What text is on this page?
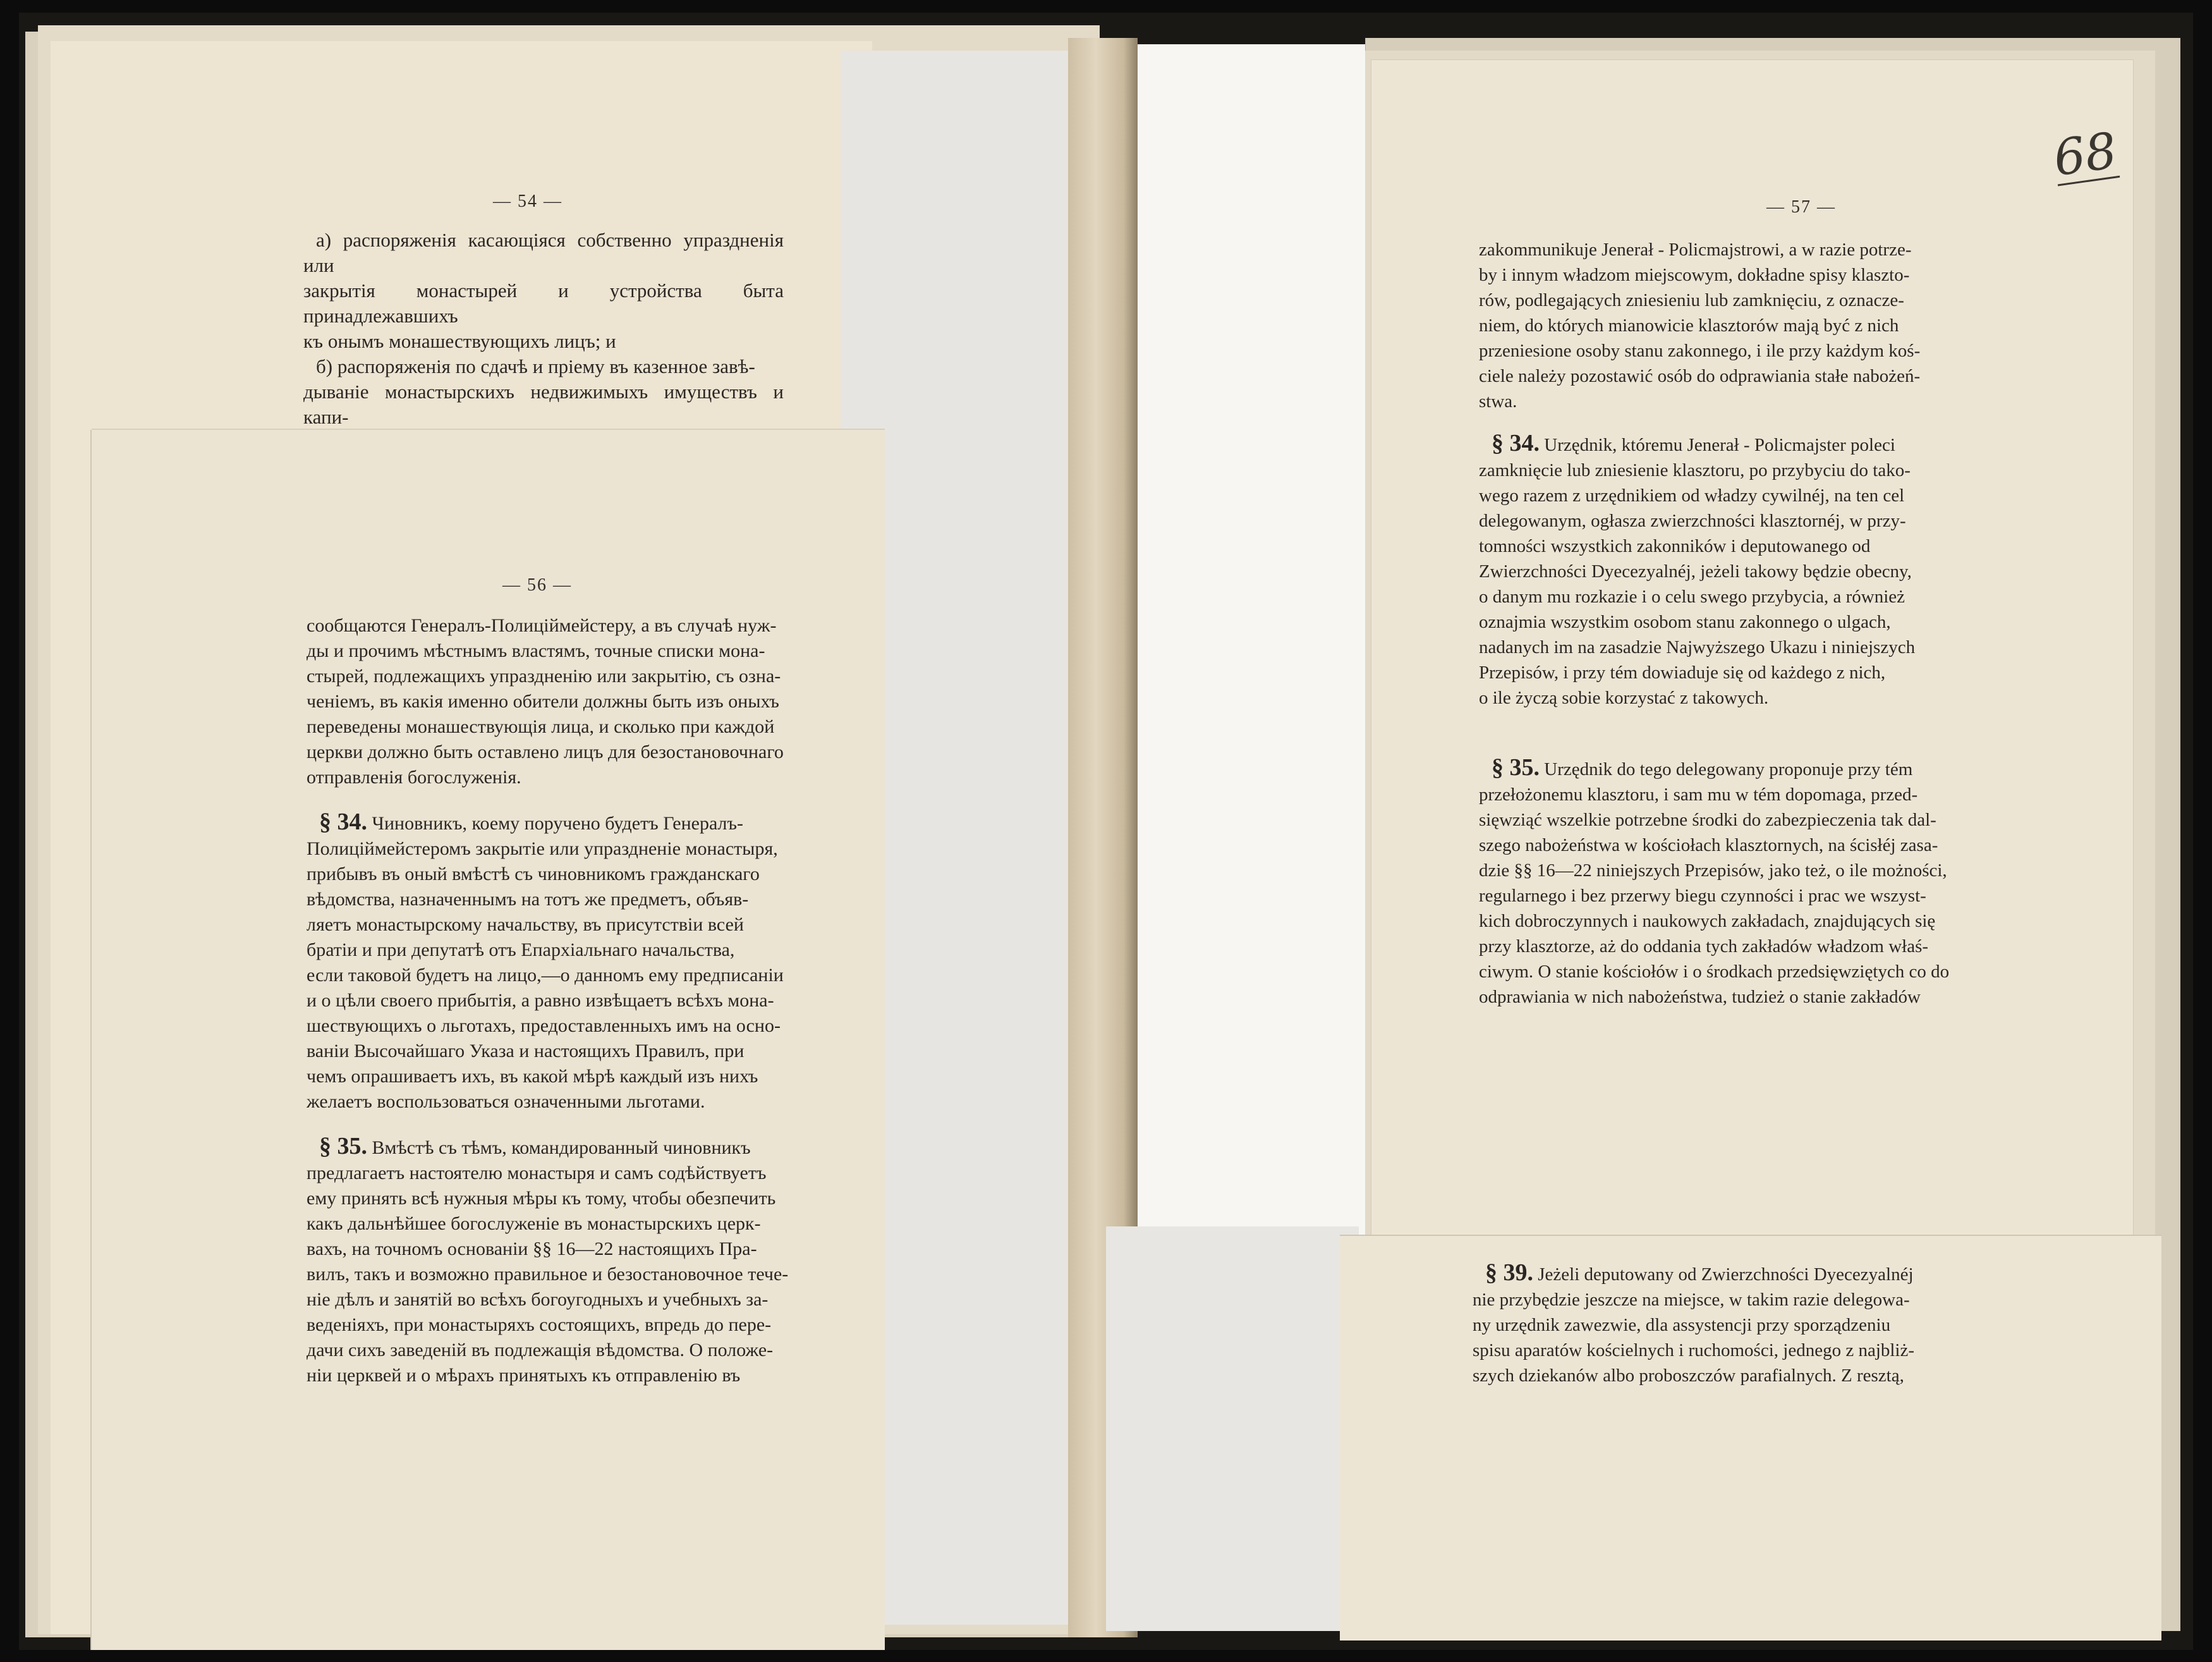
— 54 —

а) распоряженія касающіяся собственно упраздненія или

закрытія монастырей и устройства быта принадлежавшихъ

къ онымъ монашествующихъ лицъ; и

б) распоряженія по сдачѣ и пріему въ казенное завѣ-

дываніе монастырскихъ недвижимыхъ имуществъ и капи-

— 56 —

сообщаются Генералъ-Полиціймейстеру, а въ случаѣ нуж-

ды и прочимъ мѣстнымъ властямъ, точные списки мона-

стырей, подлежащихъ упраздненію или закрытію, съ озна-

ченіемъ, въ какія именно обители должны быть изъ оныхъ

переведены монашествующія лица, и сколько при каждой

церкви должно быть оставлено лицъ для безостановочнаго

отправленія богослуженія.

§ 34. Чиновникъ, коему поручено будетъ Генералъ-

Полиціймейстеромъ закрытіе или упраздненіе монастыря,

прибывъ въ оный вмѣстѣ съ чиновникомъ гражданскаго

вѣдомства, назначеннымъ на тотъ же предметъ, объяв-

ляетъ монастырскому начальству, въ присутствіи всей

братіи и при депутатѣ отъ Епархіальнаго начальства,

если таковой будетъ на лицо,—о данномъ ему предписаніи

и о цѣли своего прибытія, а равно извѣщаетъ всѣхъ мона-

шествующихъ о льготахъ, предоставленныхъ имъ на осно-

ваніи Высочайшаго Указа и настоящихъ Правилъ, при

чемъ опрашиваетъ ихъ, въ какой мѣрѣ каждый изъ нихъ

желаетъ воспользоваться означенными льготами.

§ 35. Вмѣстѣ съ тѣмъ, командированный чиновникъ

предлагаетъ настоятелю монастыря и самъ содѣйствуетъ

ему принять всѣ нужныя мѣры къ тому, чтобы обезпечить

какъ дальнѣйшее богослуженіе въ монастырскихъ церк-

вахъ, на точномъ основаніи §§ 16—22 настоящихъ Пра-

вилъ, такъ и возможно правильное и безостановочное тече-

ніе дѣлъ и занятій во всѣхъ богоугодныхъ и учебныхъ за-

веденіяхъ, при монастыряхъ состоящихъ, впредь до пере-

дачи сихъ заведеній въ подлежащія вѣдомства. О положе-

ніи церквей и о мѣрахъ принятыхъ къ отправленію въ

— 57 —
68

zakommunikuje Jenerał - Policmajstrowi, a w razie potrze-

by i innym władzom miejscowym, dokładne spisy klaszto-

rów, podlegających zniesieniu lub zamknięciu, z oznacze-

niem, do których mianowicie klasztorów mają być z nich

przeniesione osoby stanu zakonnego, i ile przy każdym koś-

ciele należy pozostawić osób do odprawiania stałe nabożeń-

stwa.

§ 34. Urzędnik, któremu Jenerał - Policmajster poleci

zamknięcie lub zniesienie klasztoru, po przybyciu do tako-

wego razem z urzędnikiem od władzy cywilnéj, na ten cel

delegowanym, ogłasza zwierzchności klasztornéj, w przy-

tomności wszystkich zakonników i deputowanego od

Zwierzchności Dyecezyalnéj, jeżeli takowy będzie obecny,

o danym mu rozkazie i o celu swego przybycia, a również

oznajmia wszystkim osobom stanu zakonnego o ulgach,

nadanych im na zasadzie Najwyższego Ukazu i niniejszych

Przepisów, i przy tém dowiaduje się od każdego z nich,

o ile życzą sobie korzystać z takowych.

§ 35. Urzędnik do tego delegowany proponuje przy tém

przełożonemu klasztoru, i sam mu w tém dopomaga, przed-

sięwziąć wszelkie potrzebne środki do zabezpieczenia tak dal-

szego nabożeństwa w kościołach klasztornych, na ścisłéj zasa-

dzie §§ 16—22 niniejszych Przepisów, jako też, o ile możności,

regularnego i bez przerwy biegu czynności i prac we wszyst-

kich dobroczynnych i naukowych zakładach, znajdujących się

przy klasztorze, aż do oddania tych zakładów władzom właś-

ciwym. O stanie kościołów i o środkach przedsięwziętych co do

odprawiania w nich nabożeństwa, tudzież o stanie zakładów

§ 39. Jeżeli deputowany od Zwierzchności Dyecezyalnéj

nie przybędzie jeszcze na miejsce, w takim razie delegowa-

ny urzędnik zawezwie, dla assystencji przy sporządzeniu

spisu aparatów kościelnych i ruchomości, jednego z najbliż-

szych dziekanów albo proboszczów parafialnych. Z resztą,
